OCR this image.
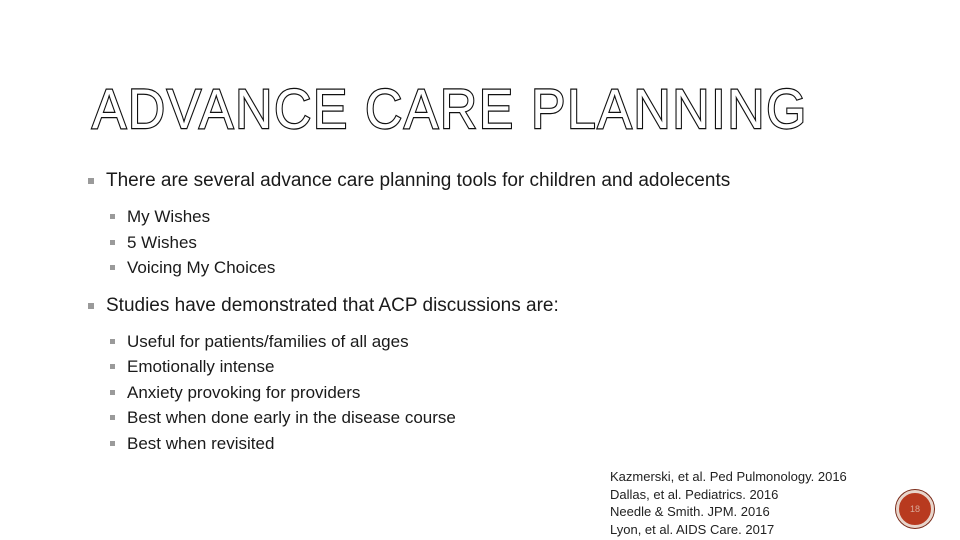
ADVANCE CARE PLANNING
There are several advance care planning tools for children and adolecents
My Wishes
5 Wishes
Voicing My Choices
Studies have demonstrated that ACP discussions are:
Useful for patients/families of all ages
Emotionally intense
Anxiety provoking for providers
Best when done early in the disease course
Best when revisited
Kazmerski, et al. Ped Pulmonology. 2016
Dallas, et al. Pediatrics. 2016
Needle & Smith. JPM. 2016
Lyon, et al. AIDS Care. 2017
18
